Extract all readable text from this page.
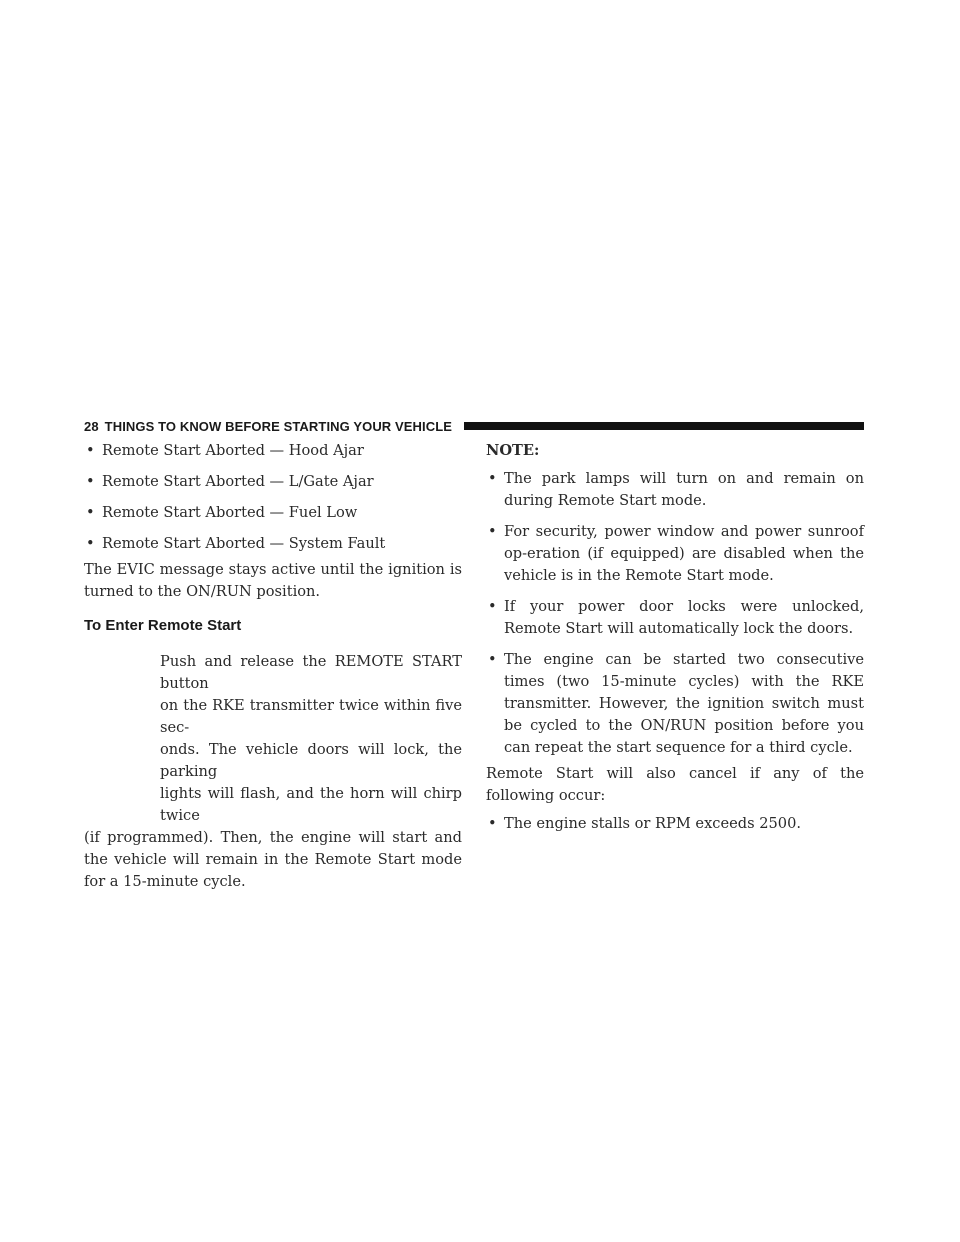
28 THINGS TO KNOW BEFORE STARTING YOUR VEHICLE
• Remote Start Aborted — Hood Ajar
• Remote Start Aborted — L/Gate Ajar
• Remote Start Aborted — Fuel Low
• Remote Start Aborted — System Fault

The EVIC message stays active until the ignition is turned to the ON/RUN position.

To Enter Remote Start
Push and release the REMOTE START button
on the RKE transmitter twice within five sec-
onds. The vehicle doors will lock, the parking
lights will flash, and the horn will chirp twice

(if programmed). Then, the engine will start and the vehicle will remain in the Remote Start mode for a 15-minute cycle.

NOTE:

• The park lamps will turn on and remain on during Remote Start mode.
• For security, power window and power sunroof op-eration (if equipped) are disabled when the vehicle is in the Remote Start mode.
• If your power door locks were unlocked, Remote Start will automatically lock the doors.
• The engine can be started two consecutive times (two 15-minute cycles) with the RKE transmitter. However, the ignition switch must be cycled to the ON/RUN position before you can repeat the start sequence for a third cycle.

Remote Start will also cancel if any of the following occur:

• The engine stalls or RPM exceeds 2500.
